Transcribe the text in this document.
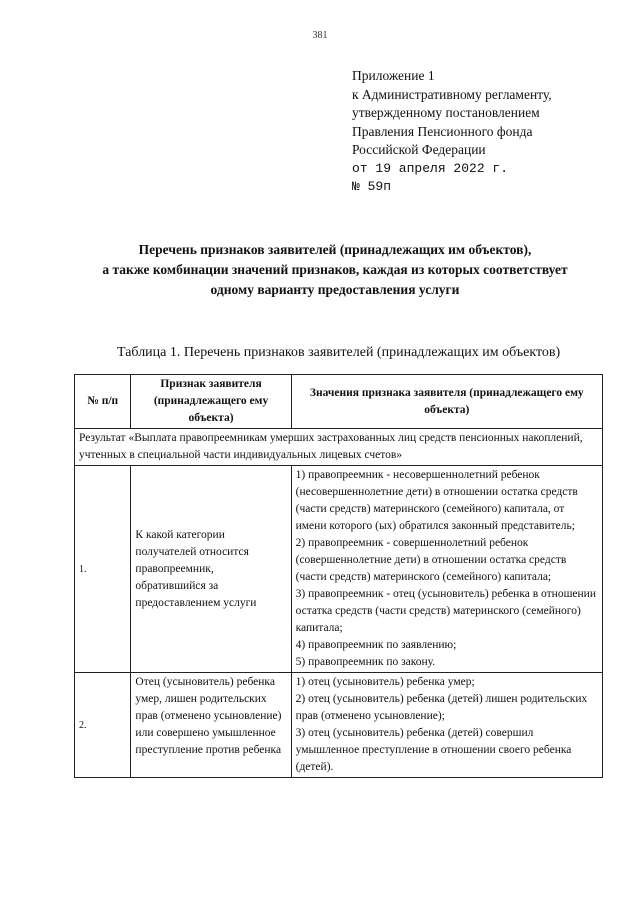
381
Приложение 1
к Административному регламенту,
утвержденному постановлением
Правления Пенсионного фонда
Российской Федерации
от 19 апреля 2022 г.
№ 59п
Перечень признаков заявителей (принадлежащих им объектов),
а также комбинации значений признаков, каждая из которых соответствует
одному варианту предоставления услуги
Таблица 1. Перечень признаков заявителей (принадлежащих им объектов)
№ п/п	Признак заявителя (принадлежащего ему объекта)	Значения признака заявителя (принадлежащего ему объекта)
Результат «Выплата правопреемникам умерших застрахованных лиц средств пенсионных накоплений, учтенных в специальной части индивидуальных лицевых счетов»		
1.	К какой категории получателей относится правопреемник, обратившийся за предоставлением услуги	1) правопреемник - несовершеннолетний ребенок (несовершеннолетние дети) в отношении остатка средств (части средств) материнского (семейного) капитала, от имени которого (ых) обратился законный представитель;
2) правопреемник - совершеннолетний ребенок (совершеннолетние дети) в отношении остатка средств (части средств) материнского (семейного) капитала;
3) правопреемник - отец (усыновитель) ребенка в отношении остатка средств (части средств) материнского (семейного) капитала;
4) правопреемник по заявлению;
5) правопреемник по закону.

2.	Отец (усыновитель) ребенка умер, лишен родительских прав (отменено усыновление) или совершено умышленное преступление против ребенка	1) отец (усыновитель) ребенка умер;
2) отец (усыновитель) ребенка (детей) лишен родительских прав (отменено усыновление);
3) отец (усыновитель) ребенка (детей) совершил умышленное преступление в отношении своего ребенка (детей).
